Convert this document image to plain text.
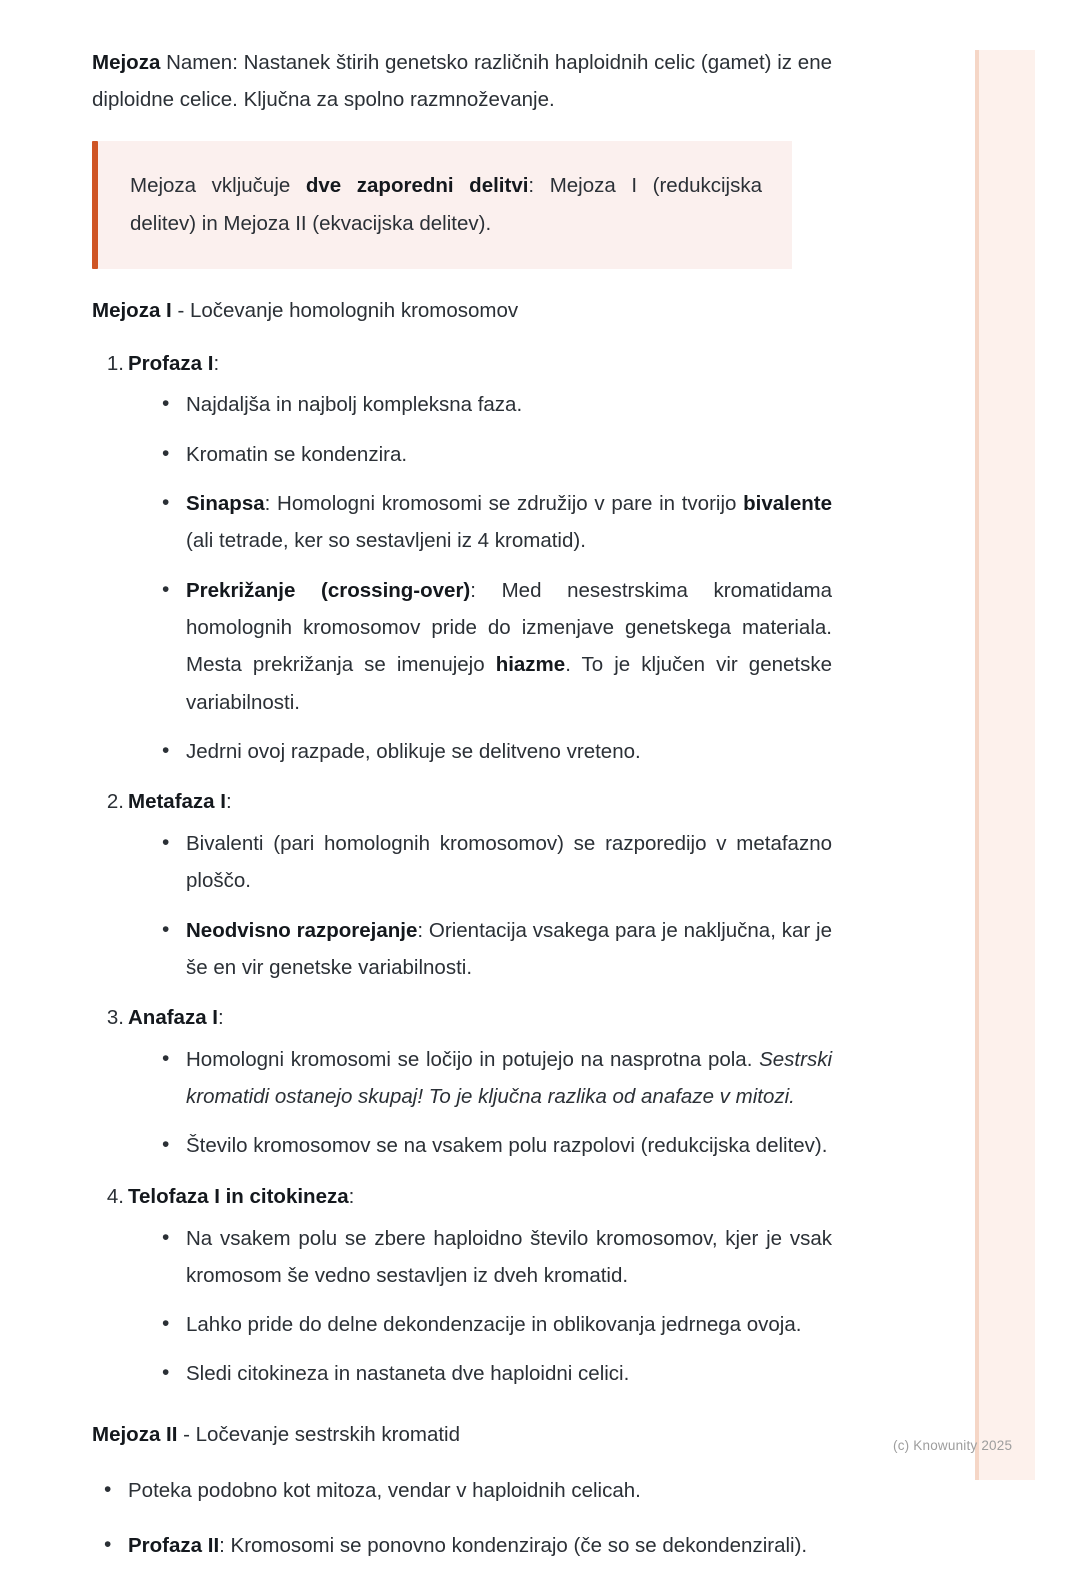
Mejoza Namen: Nastanek štirih genetsko različnih haploidnih celic (gamet) iz ene diploidne celice. Ključna za spolno razmnoževanje.

Mejoza vključuje dve zaporedni delitvi: Mejoza I (redukcijska delitev) in Mejoza II (ekvacijska delitev).

Mejoza I - Ločevanje homolognih kromosomov
Profaza I:
• Najdaljša in najbolj kompleksna faza.
• Kromatin se kondenzira.
• Sinapsa: Homologni kromosomi se združijo v pare in tvorijo bivalente (ali tetrade, ker so sestavljeni iz 4 kromatid).
• Prekrižanje (crossing-over): Med nesestrskima kromatidama homolognih kromosomov pride do izmenjave genetskega materiala. Mesta prekrižanja se imenujejo hiazme. To je ključen vir genetske variabilnosti.
• Jedrni ovoj razpade, oblikuje se delitveno vreteno.
Metafaza I:
• Bivalenti (pari homolognih kromosomov) se razporedijo v metafazno ploščo.
• Neodvisno razporejanje: Orientacija vsakega para je naključna, kar je še en vir genetske variabilnosti.
Anafaza I:
• Homologni kromosomi se ločijo in potujejo na nasprotna pola. Sestrski kromatidi ostanejo skupaj! To je ključna razlika od anafaze v mitozi.
• Število kromosomov se na vsakem polu razpolovi (redukcijska delitev).
Telofaza I in citokineza:
• Na vsakem polu se zbere haploidno število kromosomov, kjer je vsak kromosom še vedno sestavljen iz dveh kromatid.
• Lahko pride do delne dekondenzacije in oblikovanja jedrnega ovoja.
• Sledi citokineza in nastaneta dve haploidni celici.
Mejoza II - Ločevanje sestrskih kromatid
• Poteka podobno kot mitoza, vendar v haploidnih celicah.
• Profaza II: Kromosomi se ponovno kondenzirajo (če so se dekondenzirali).
(c) Knowunity 2025
